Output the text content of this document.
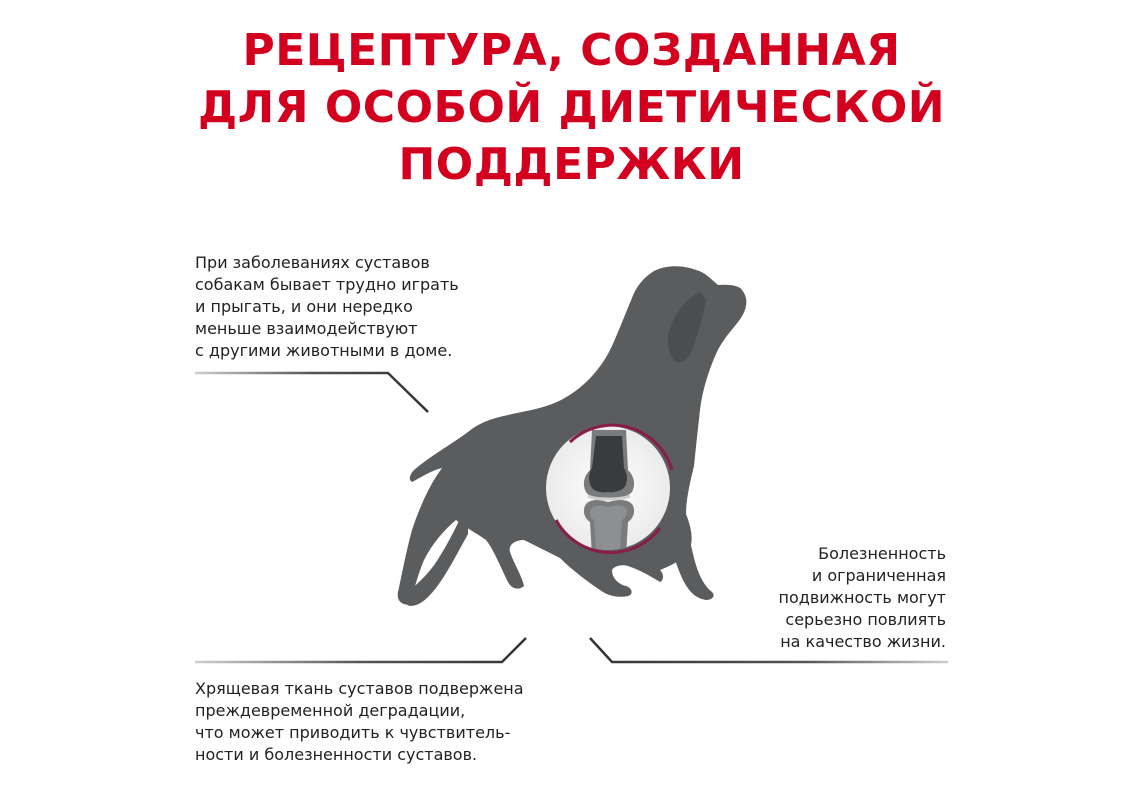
РЕЦЕПТУРА, СОЗДАННАЯ
ДЛЯ ОСОБОЙ ДИЕТИЧЕСКОЙ
ПОДДЕРЖКИ
При заболеваниях суставов
собакам бывает трудно играть
и прыгать, и они нередко
меньше взаимодействуют
с другими животными в доме.
Болезненность
и ограниченная
подвижность могут
серьезно повлиять
на качество жизни.
Хрящевая ткань суставов подвержена
преждевременной деградации,
что может приводить к чувствитель-
ности и болезненности суставов.
